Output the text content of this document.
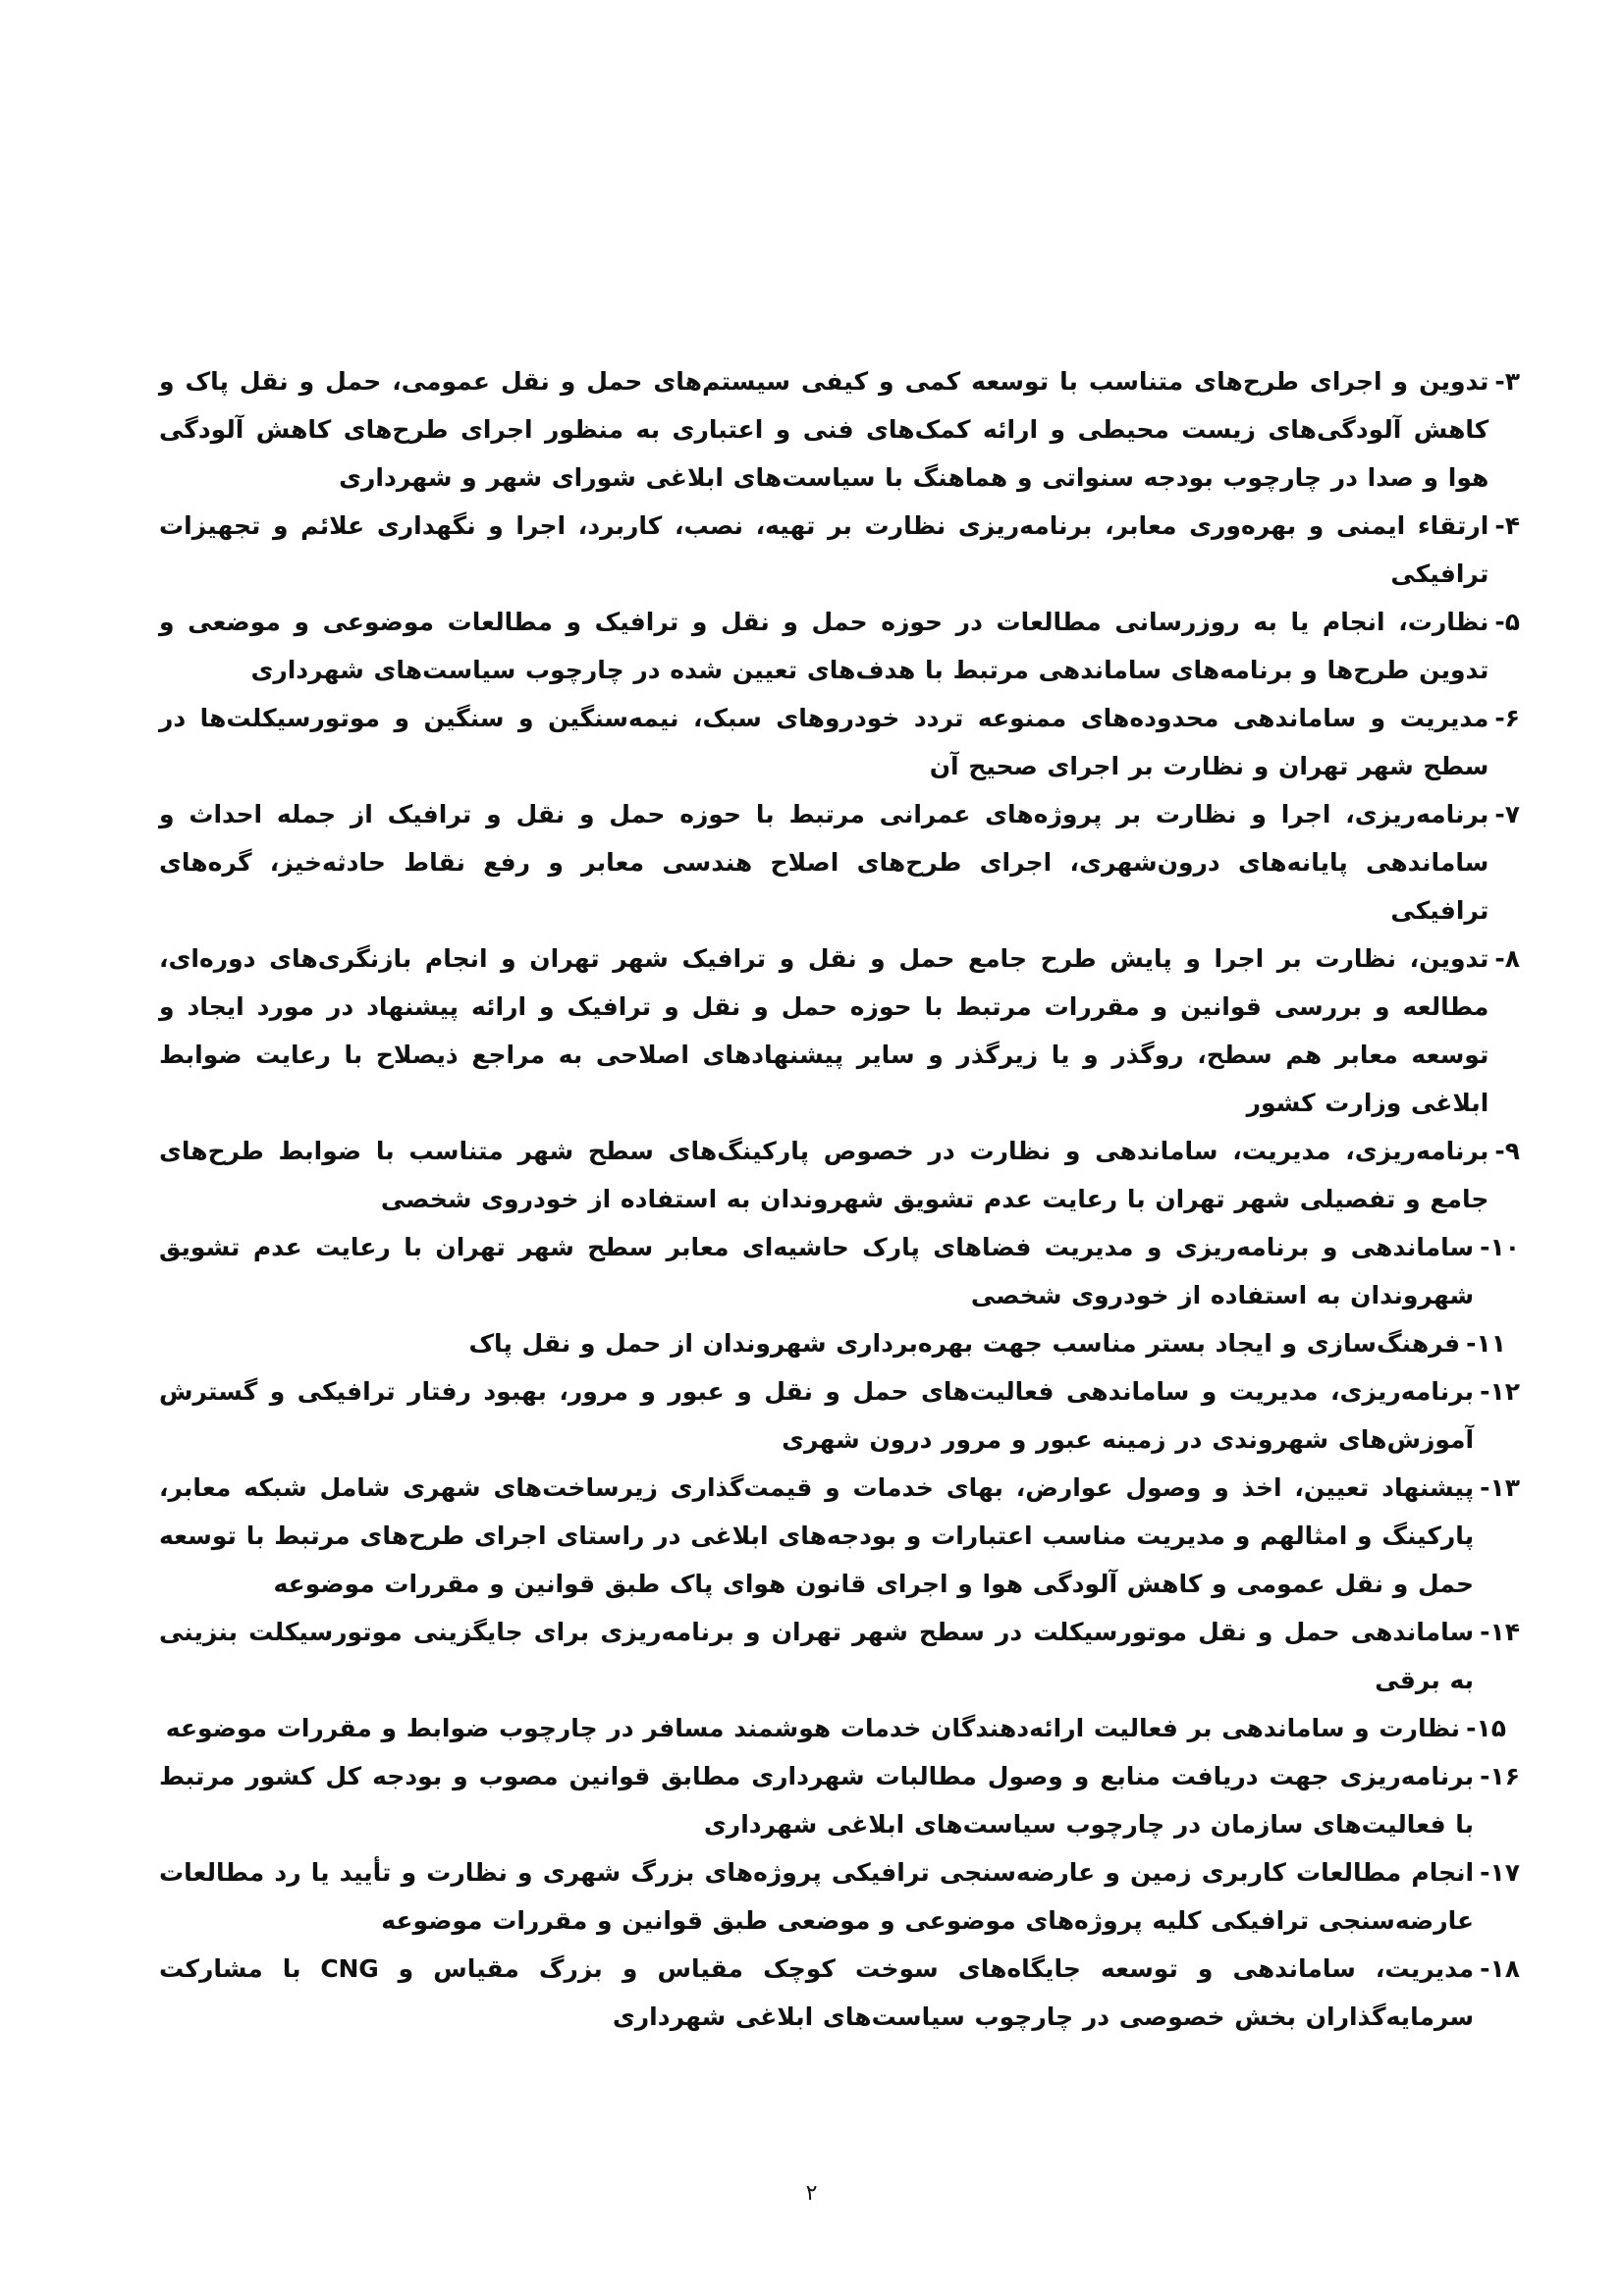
۳-
تدوین و اجرای طرح‌های متناسب با توسعه کمی و کیفی سیستم‌های حمل و نقل عمومی، حمل و نقل پاک و کاهش آلودگی‌های زیست محیطی و ارائه کمک‌های فنی و اعتباری به منظور اجرای طرح‌های کاهش آلودگی هوا و صدا در چارچوب بودجه سنواتی و هماهنگ با سیاست‌های ابلاغی شورای شهر و شهرداری
۴-
ارتقاء ایمنی و بهره‌وری معابر، برنامه‌ریزی نظارت بر تهیه، نصب، کاربرد، اجرا و نگهداری علائم و تجهیزات ترافیکی
۵-
نظارت، انجام یا به روزرسانی مطالعات در حوزه حمل و نقل و ترافیک و مطالعات موضوعی و موضعی و تدوین طرح‌ها و برنامه‌های ساماندهی مرتبط با هدف‌های تعیین شده در چارچوب سیاست‌های شهرداری
۶-
مدیریت و ساماندهی محدوده‌های ممنوعه تردد خودروهای سبک، نیمه‌سنگین و سنگین و موتورسیکلت‌ها در سطح شهر تهران و نظارت بر اجرای صحیح آن
۷-
برنامه‌ریزی، اجرا و نظارت بر پروژه‌های عمرانی مرتبط با حوزه حمل و نقل و ترافیک از جمله احداث و ساماندهی پایانه‌های درون‌شهری، اجرای طرح‌های اصلاح هندسی معابر و رفع نقاط حادثه‌خیز، گره‌های ترافیکی
۸-
تدوین، نظارت بر اجرا و پایش طرح جامع حمل و نقل و ترافیک شهر تهران و انجام بازنگری‌های دوره‌ای، مطالعه و بررسی قوانین و مقررات مرتبط با حوزه حمل و نقل و ترافیک و ارائه پیشنهاد در مورد ایجاد و توسعه معابر هم سطح، روگذر و یا زیرگذر و سایر پیشنهادهای اصلاحی به مراجع ذیصلاح با رعایت ضوابط ابلاغی وزارت کشور
۹-
برنامه‌ریزی، مدیریت، ساماندهی و نظارت در خصوص پارکینگ‌های سطح شهر متناسب با ضوابط طرح‌های جامع و تفصیلی شهر تهران با رعایت عدم تشویق شهروندان به استفاده از خودروی شخصی
۱۰-
ساماندهی و برنامه‌ریزی و مدیریت فضاهای پارک حاشیه‌ای معابر سطح شهر تهران با رعایت عدم تشویق شهروندان به استفاده از خودروی شخصی
۱۱-
فرهنگ‌سازی و ایجاد بستر مناسب جهت بهره‌برداری شهروندان از حمل و نقل پاک
۱۲-
برنامه‌ریزی، مدیریت و ساماندهی فعالیت‌های حمل و نقل و عبور و مرور، بهبود رفتار ترافیکی و گسترش آموزش‌های شهروندی در زمینه عبور و مرور درون شهری
۱۳-
پیشنهاد تعیین، اخذ و وصول عوارض، بهای خدمات و قیمت‌گذاری زیرساخت‌های شهری شامل شبکه معابر، پارکینگ و امثالهم و مدیریت مناسب اعتبارات و بودجه‌های ابلاغی در راستای اجرای طرح‌های مرتبط با توسعه حمل و نقل عمومی و کاهش آلودگی هوا و اجرای قانون هوای پاک طبق قوانین و مقررات موضوعه
۱۴-
ساماندهی حمل و نقل موتورسیکلت در سطح شهر تهران و برنامه‌ریزی برای جایگزینی موتورسیکلت بنزینی به برقی
۱۵-
نظارت و ساماندهی بر فعالیت ارائه‌دهندگان خدمات هوشمند مسافر در چارچوب ضوابط و مقررات موضوعه
۱۶-
برنامه‌ریزی جهت دریافت منابع و وصول مطالبات شهرداری مطابق قوانین مصوب و بودجه کل کشور مرتبط با فعالیت‌های سازمان در چارچوب سیاست‌های ابلاغی شهرداری
۱۷-
انجام مطالعات کاربری زمین و عارضه‌سنجی ترافیکی پروژه‌های بزرگ شهری و نظارت و تأیید یا رد مطالعات عارضه‌سنجی ترافیکی کلیه پروژه‌های موضوعی و موضعی طبق قوانین و مقررات موضوعه
۱۸-
مدیریت، ساماندهی و توسعه جایگاه‌های سوخت کوچک مقیاس و بزرگ مقیاس و CNG با مشارکت سرمایه‌گذاران بخش خصوصی در چارچوب سیاست‌های ابلاغی شهرداری
۲
